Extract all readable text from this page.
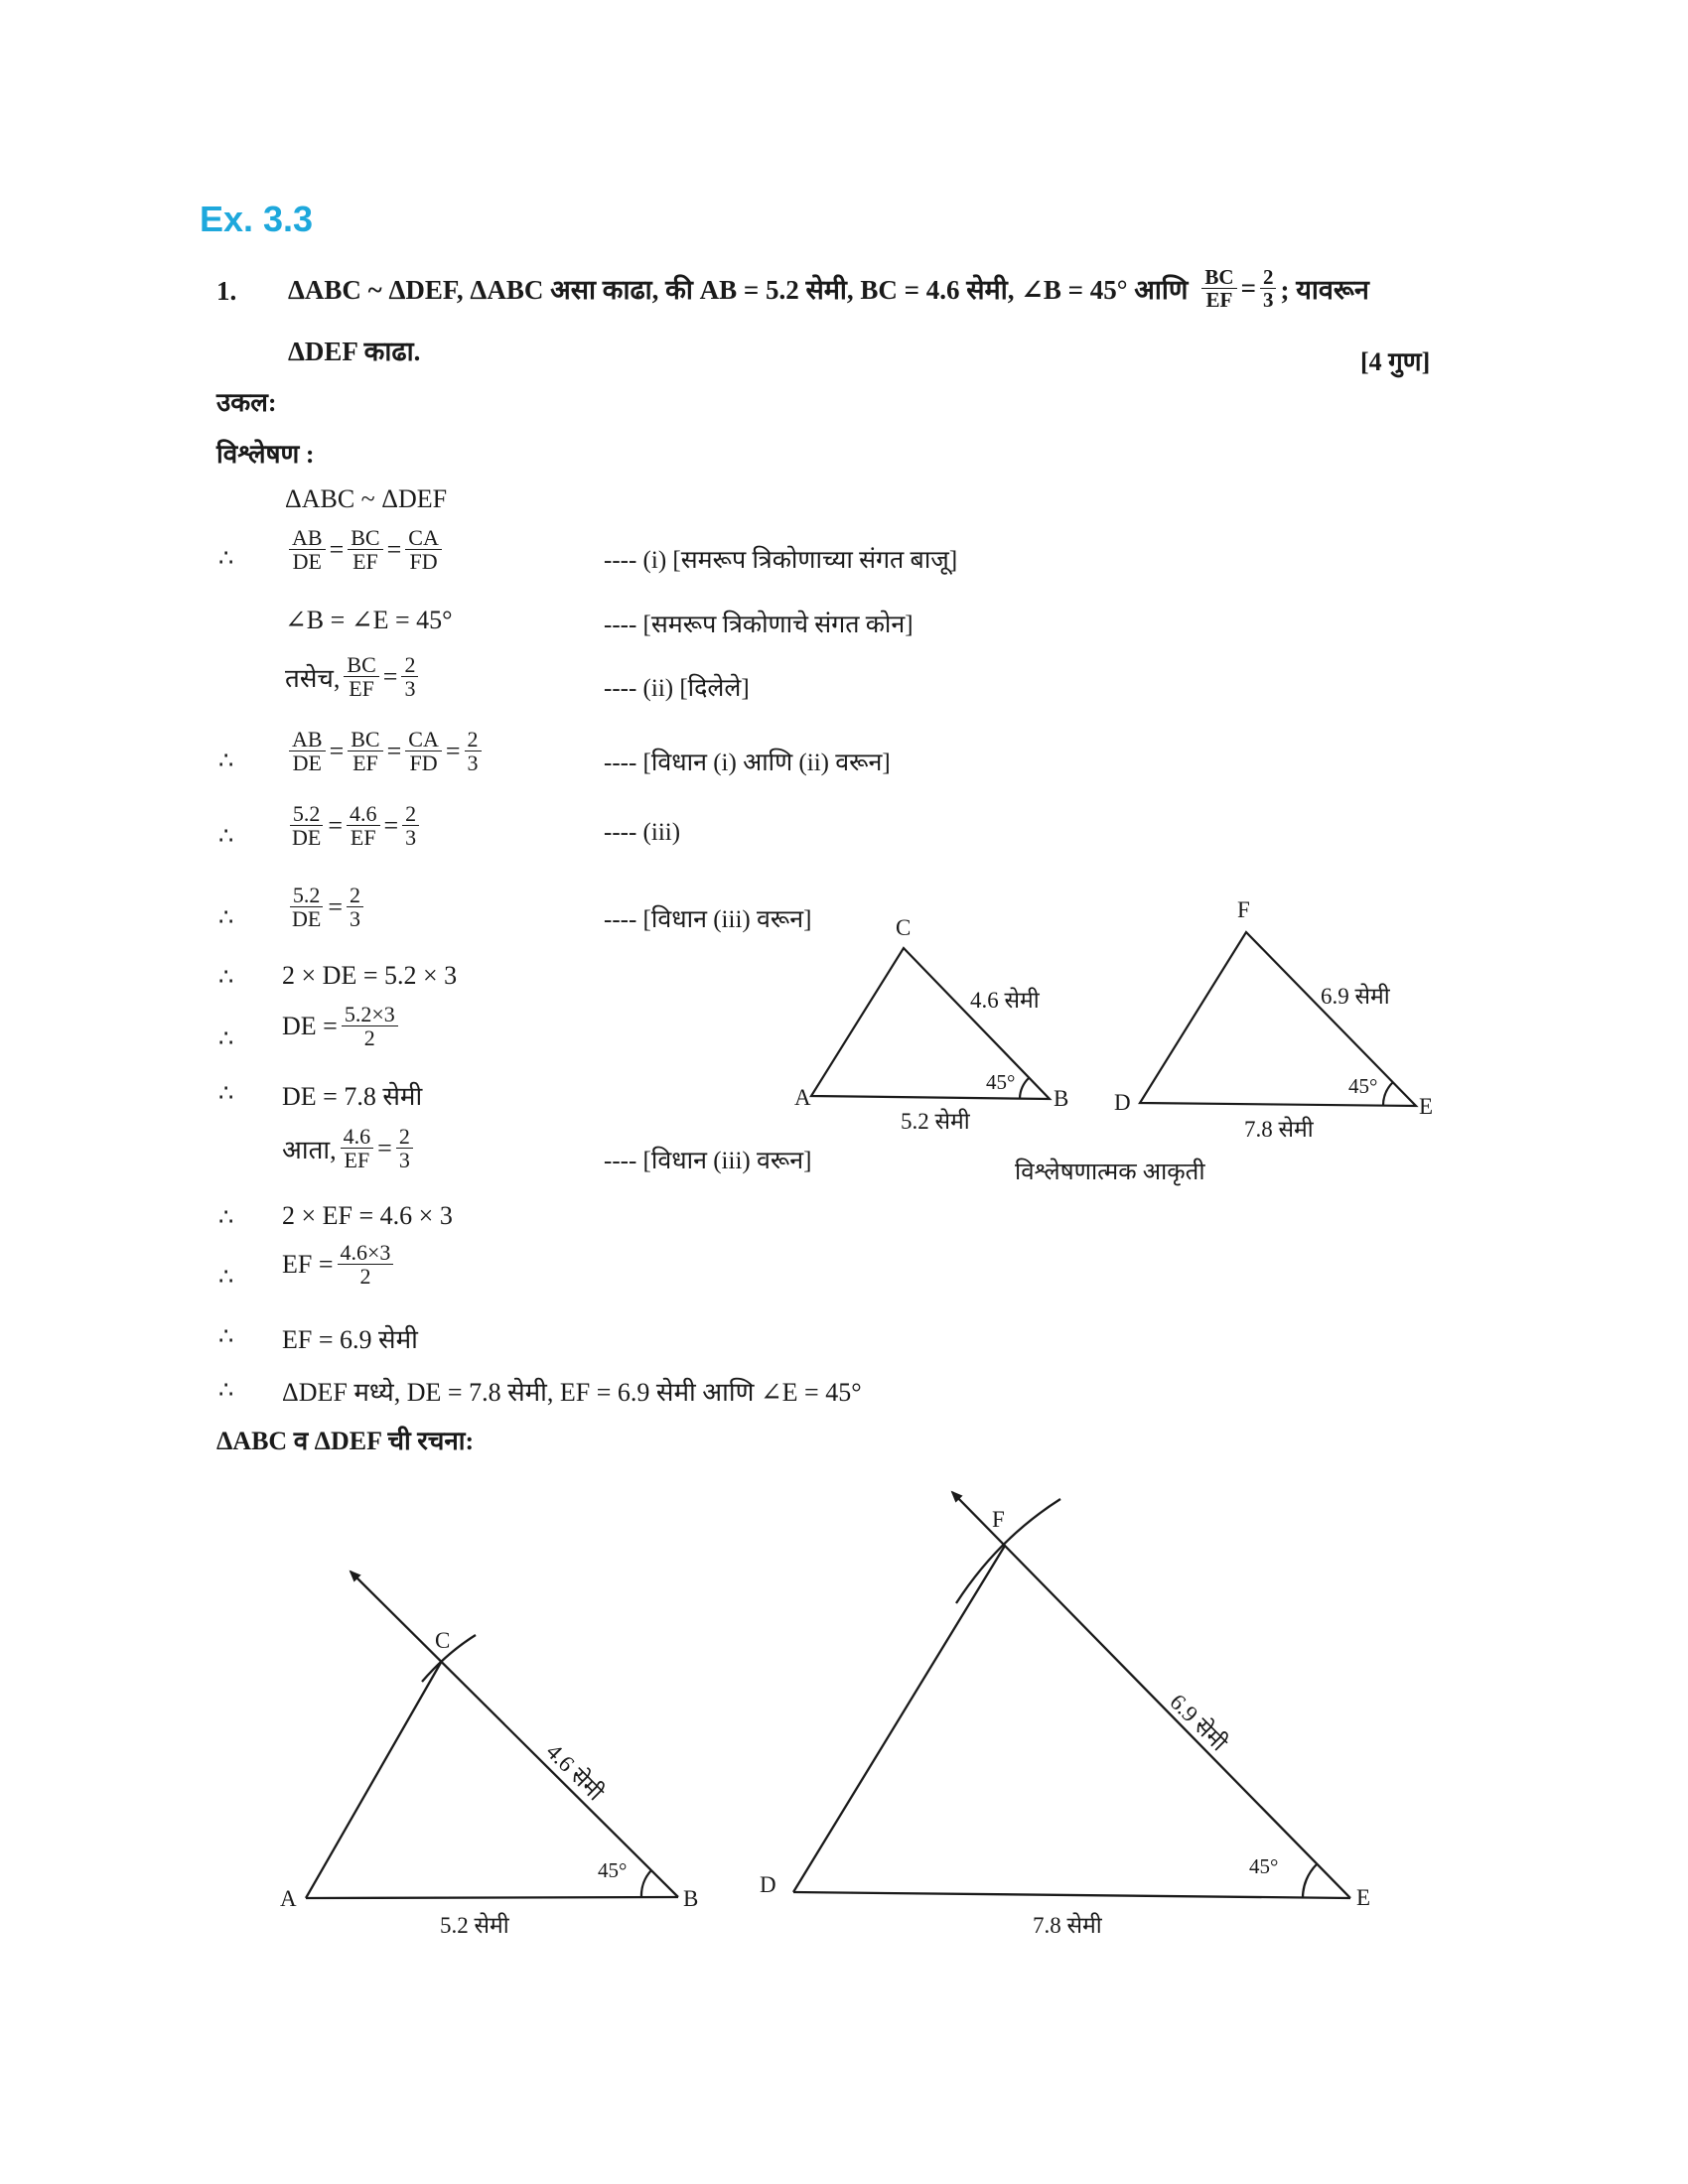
Ex. 3.3
1. ΔABC ~ ΔDEF, ΔABC असा काढा, की AB = 5.2 सेमी, BC = 4.6 सेमी, ∠B = 45° आणि $\frac{BC}{EF} = \frac{2}{3}$ ; यावरून
ΔDEF काढा.	[4 गुण]
उकल:
विश्लेषण :
ΔABC ~ ΔDEF
∴	$\frac{AB}{DE} = \frac{BC}{EF} = \frac{CA}{FD}$	---- (i) [समरूप त्रिकोणाच्या संगत बाजू]
∠B = ∠E = 45°	---- [समरूप त्रिकोणाचे संगत कोन]
तसेच, $\frac{BC}{EF} = \frac{2}{3}$	---- (ii) [दिलेले]
∴	$\frac{AB}{DE} = \frac{BC}{EF} = \frac{CA}{FD} = \frac{2}{3}$	---- [विधान (i) आणि (ii) वरून]
∴	$\frac{5.2}{DE} = \frac{4.6}{EF} = \frac{2}{3}$	---- (iii)
∴	$\frac{5.2}{DE} = \frac{2}{3}$	---- [विधान (iii) वरून]
∴ 2 × DE = 5.2 × 3
∴ DE = $\frac{5.2\times 3}{2}$
∴ DE = 7.8 सेमी
आता, $\frac{4.6}{EF} = \frac{2}{3}$	---- [विधान (iii) वरून]
∴ 2 × EF = 4.6 × 3
∴ EF = $\frac{4.6\times 3}{2}$
∴ EF = 6.9 सेमी
∴ ΔDEF मध्ये, DE = 7.8 सेमी, EF = 6.9 सेमी आणि ∠E = 45°
ΔABC व ΔDEF ची रचना:
A	B
C
4.6 सेमी
5.2 सेमी
45°
D	E
F
6.9 सेमी
7.8 सेमी
45°
विश्लेषणात्मक आकृती
A	B
C
5.2 सेमी
45°
4.6 सेमी
D
E
F
7.8 सेमी
45°
6.9 सेमी
